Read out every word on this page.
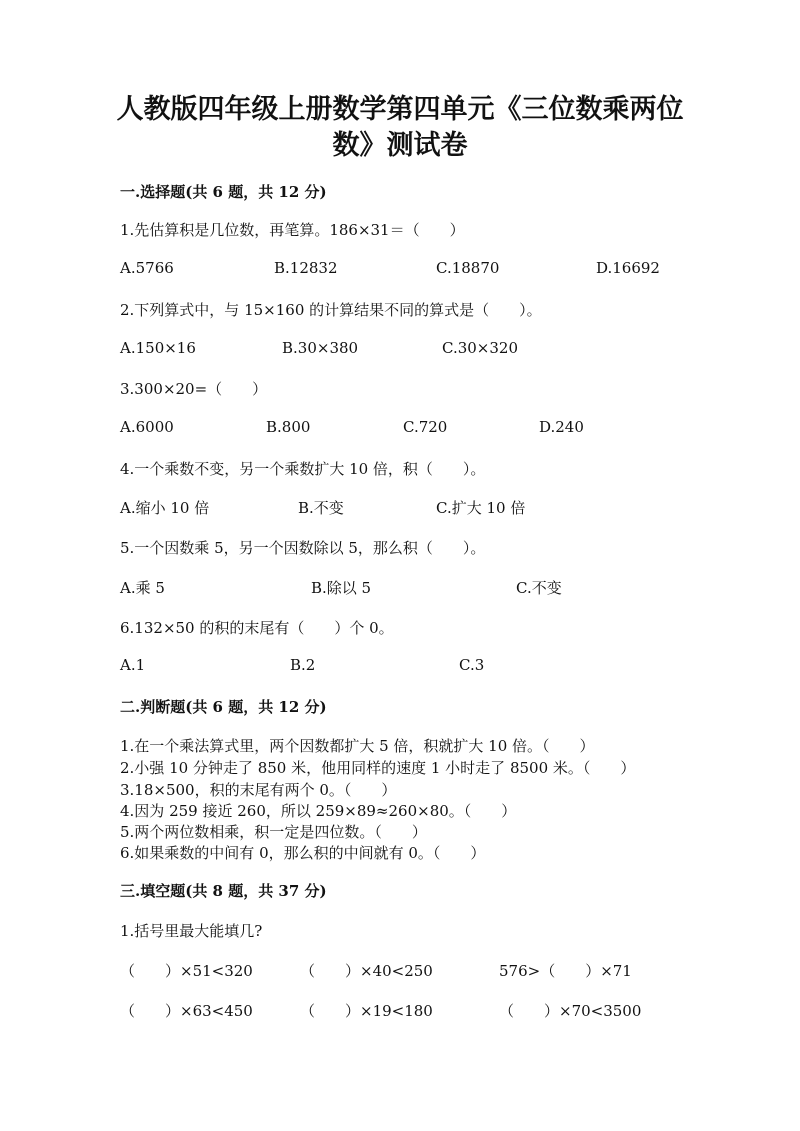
人教版四年级上册数学第四单元《三位数乘两位
数》测试卷
一.选择题(共 6 题，共 12 分)
1.先估算积是几位数，再笔算。186×31＝（　　）
A.5766	B.12832	C.18870	D.16692
2.下列算式中，与 15×160 的计算结果不同的算式是（　　）。
A.150×16	B.30×380	C.30×320
3.300×20=（　　）
A.6000	B.800	C.720	D.240
4.一个乘数不变，另一个乘数扩大 10 倍，积（　　）。
A.缩小 10 倍	B.不变	C.扩大 10 倍
5.一个因数乘 5，另一个因数除以 5，那么积（　　）。
A.乘 5	B.除以 5	C.不变
6.132×50 的积的末尾有（　　）个 0。
A.1	B.2	C.3
二.判断题(共 6 题，共 12 分)
1.在一个乘法算式里，两个因数都扩大 5 倍，积就扩大 10 倍。（　　）
2.小强 10 分钟走了 850 米，他用同样的速度 1 小时走了 8500 米。（　　）
3.18×500，积的末尾有两个 0。（　　）
4.因为 259 接近 260，所以 259×89≈260×80。（　　）
5.两个两位数相乘，积一定是四位数。（　　）
6.如果乘数的中间有 0，那么积的中间就有 0。（　　）
三.填空题(共 8 题，共 37 分)
1.括号里最大能填几?
（　　）×51<320	（　　）×40<250	576>（　　）×71
（　　）×63<450	（　　）×19<180	（　　）×70<3500
